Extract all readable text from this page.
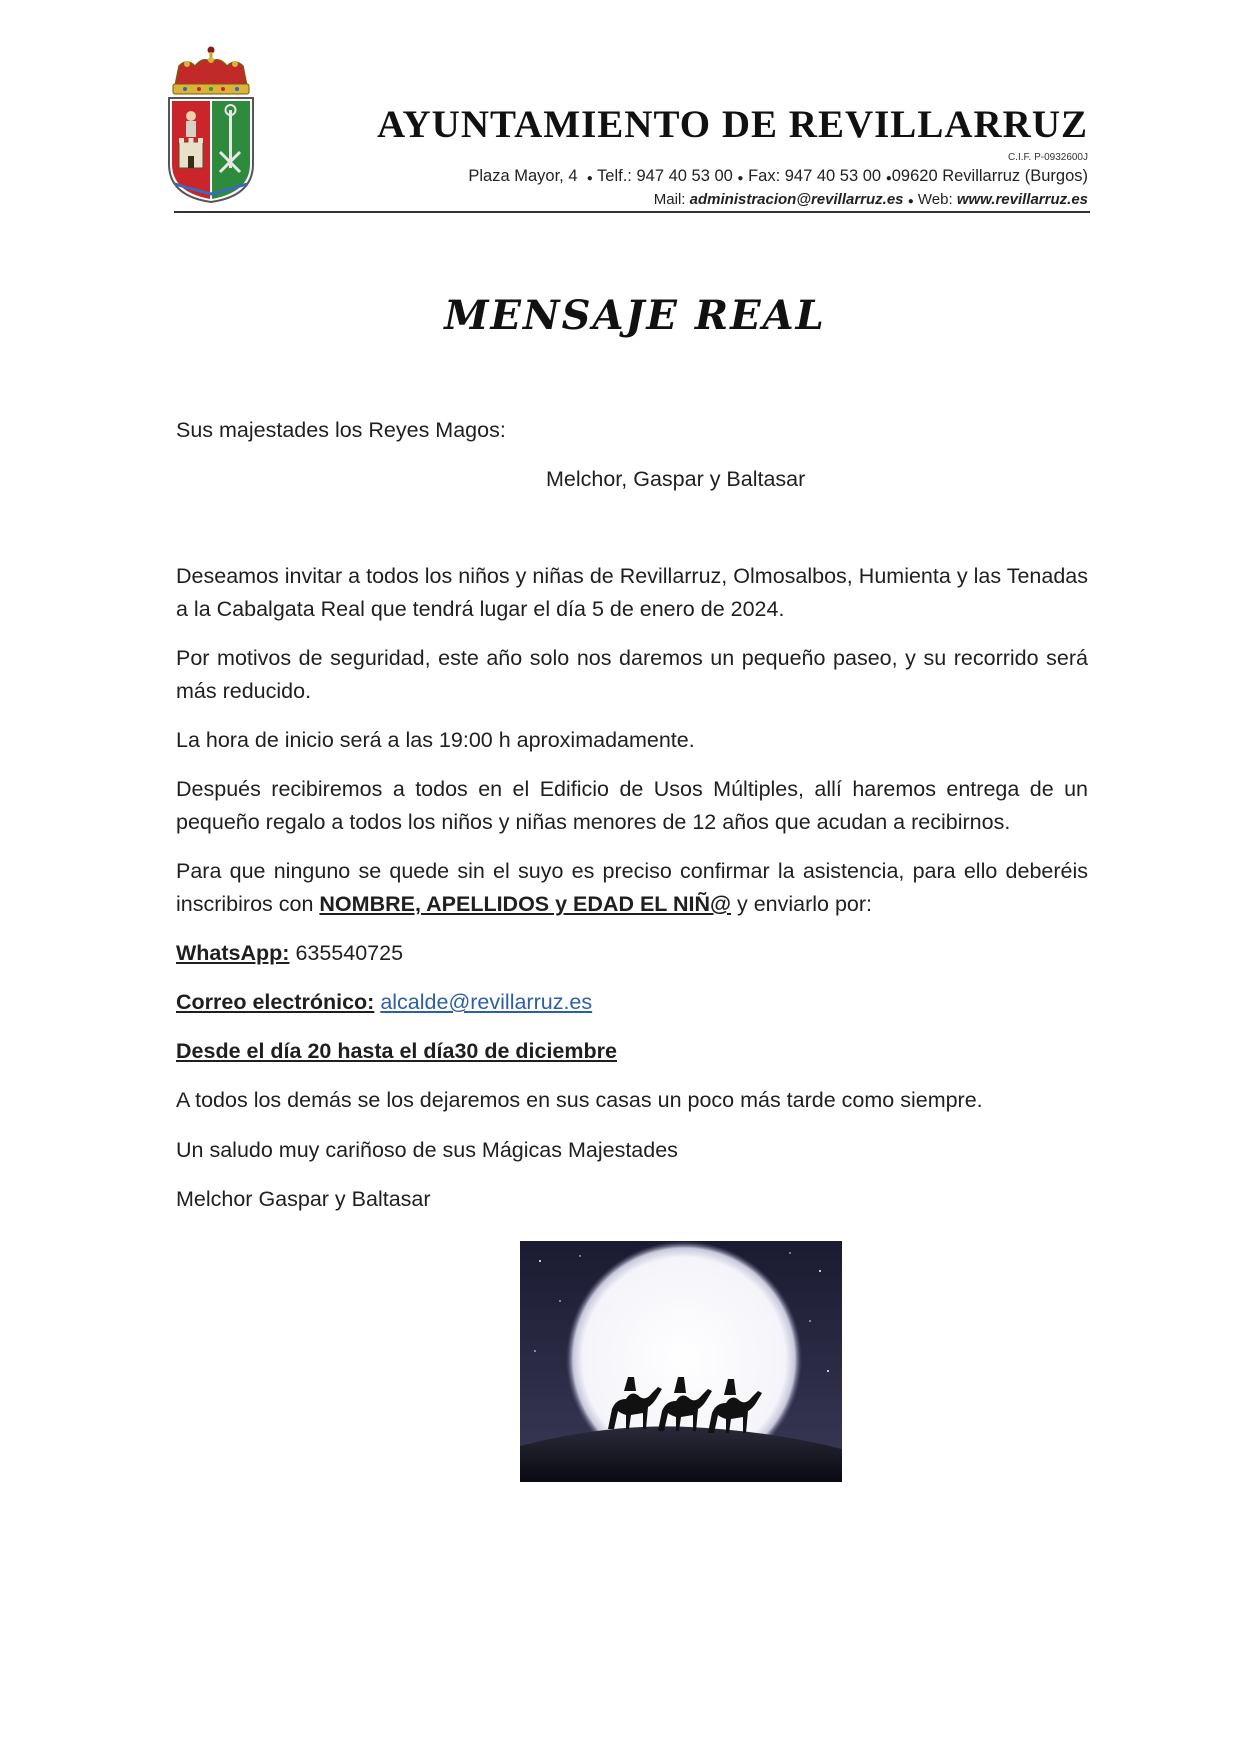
AYUNTAMIENTO DE REVILLARRUZ
C.I.F. P-0932600J
Plaza Mayor, 4 ● Telf.: 947 40 53 00 ● Fax: 947 40 53 00 ●09620 Revillarruz (Burgos)
Mail: administracion@revillarruz.es ● Web: www.revillarruz.es
MENSAJE REAL

Sus majestades los Reyes Magos:

Melchor, Gaspar y Baltasar

Deseamos invitar a todos los niños y niñas de Revillarruz, Olmosalbos, Humienta y las Tenadas a la Cabalgata Real que tendrá lugar el día 5 de enero de 2024.

Por motivos de seguridad, este año solo nos daremos un pequeño paseo, y su recorrido será más reducido.

La hora de inicio será a las 19:00 h aproximadamente.

Después recibiremos a todos en el Edificio de Usos Múltiples, allí haremos entrega de un pequeño regalo a todos los niños y niñas menores de 12 años que acudan a recibirnos.

Para que ninguno se quede sin el suyo es preciso confirmar la asistencia, para ello deberéis inscribiros con NOMBRE, APELLIDOS y EDAD EL NIÑ@ y enviarlo por:

WhatsApp: 635540725

Correo electrónico: alcalde@revillarruz.es

Desde el día 20 hasta el día30 de diciembre

A todos los demás se los dejaremos en sus casas un poco más tarde como siempre.

Un saludo muy cariñoso de sus Mágicas Majestades

Melchor Gaspar y Baltasar
